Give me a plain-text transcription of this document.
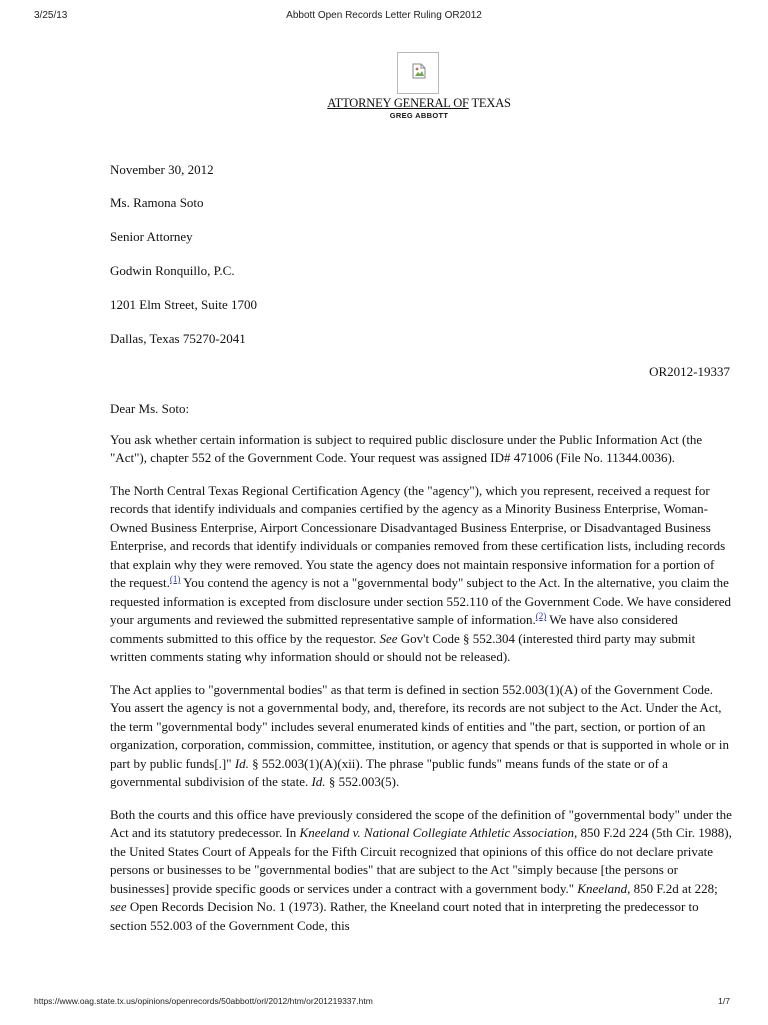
3/25/13	Abbott Open Records Letter Ruling OR2012
ATTORNEY GENERAL OF TEXAS
GREG ABBOTT
November 30, 2012
Ms. Ramona Soto
Senior Attorney
Godwin Ronquillo, P.C.
1201 Elm Street, Suite 1700
Dallas, Texas 75270-2041
OR2012-19337

Dear Ms. Soto:

You ask whether certain information is subject to required public disclosure under the Public Information Act (the "Act"), chapter 552 of the Government Code. Your request was assigned ID# 471006 (File No. 11344.0036).

The North Central Texas Regional Certification Agency (the "agency"), which you represent, received a request for records that identify individuals and companies certified by the agency as a Minority Business Enterprise, Woman-Owned Business Enterprise, Airport Concessionare Disadvantaged Business Enterprise, or Disadvantaged Business Enterprise, and records that identify individuals or companies removed from these certification lists, including records that explain why they were removed. You state the agency does not maintain responsive information for a portion of the request.$^{(1)}$ You contend the agency is not a "governmental body" subject to the Act. In the alternative, you claim the requested information is excepted from disclosure under section 552.110 of the Government Code. We have considered your arguments and reviewed the submitted representative sample of information.$^{(2)}$ We have also considered comments submitted to this office by the requestor. See Gov't Code § 552.304 (interested third party may submit written comments stating why information should or should not be released).

The Act applies to "governmental bodies" as that term is defined in section 552.003(1)(A) of the Government Code. You assert the agency is not a governmental body, and, therefore, its records are not subject to the Act. Under the Act, the term "governmental body" includes several enumerated kinds of entities and "the part, section, or portion of an organization, corporation, commission, committee, institution, or agency that spends or that is supported in whole or in part by public funds[.]" Id. § 552.003(1)(A)(xii). The phrase "public funds" means funds of the state or of a governmental subdivision of the state. Id. § 552.003(5).

Both the courts and this office have previously considered the scope of the definition of "governmental body" under the Act and its statutory predecessor. In Kneeland v. National Collegiate Athletic Association, 850 F.2d 224 (5th Cir. 1988), the United States Court of Appeals for the Fifth Circuit recognized that opinions of this office do not declare private persons or businesses to be "governmental bodies" that are subject to the Act "simply because [the persons or businesses] provide specific goods or services under a contract with a government body." Kneeland, 850 F.2d at 228; see Open Records Decision No. 1 (1973). Rather, the Kneeland court noted that in interpreting the predecessor to section 552.003 of the Government Code, this

https://www.oag.state.tx.us/opinions/openrecords/50abbott/orl/2012/htm/or201219337.htm	1/7
